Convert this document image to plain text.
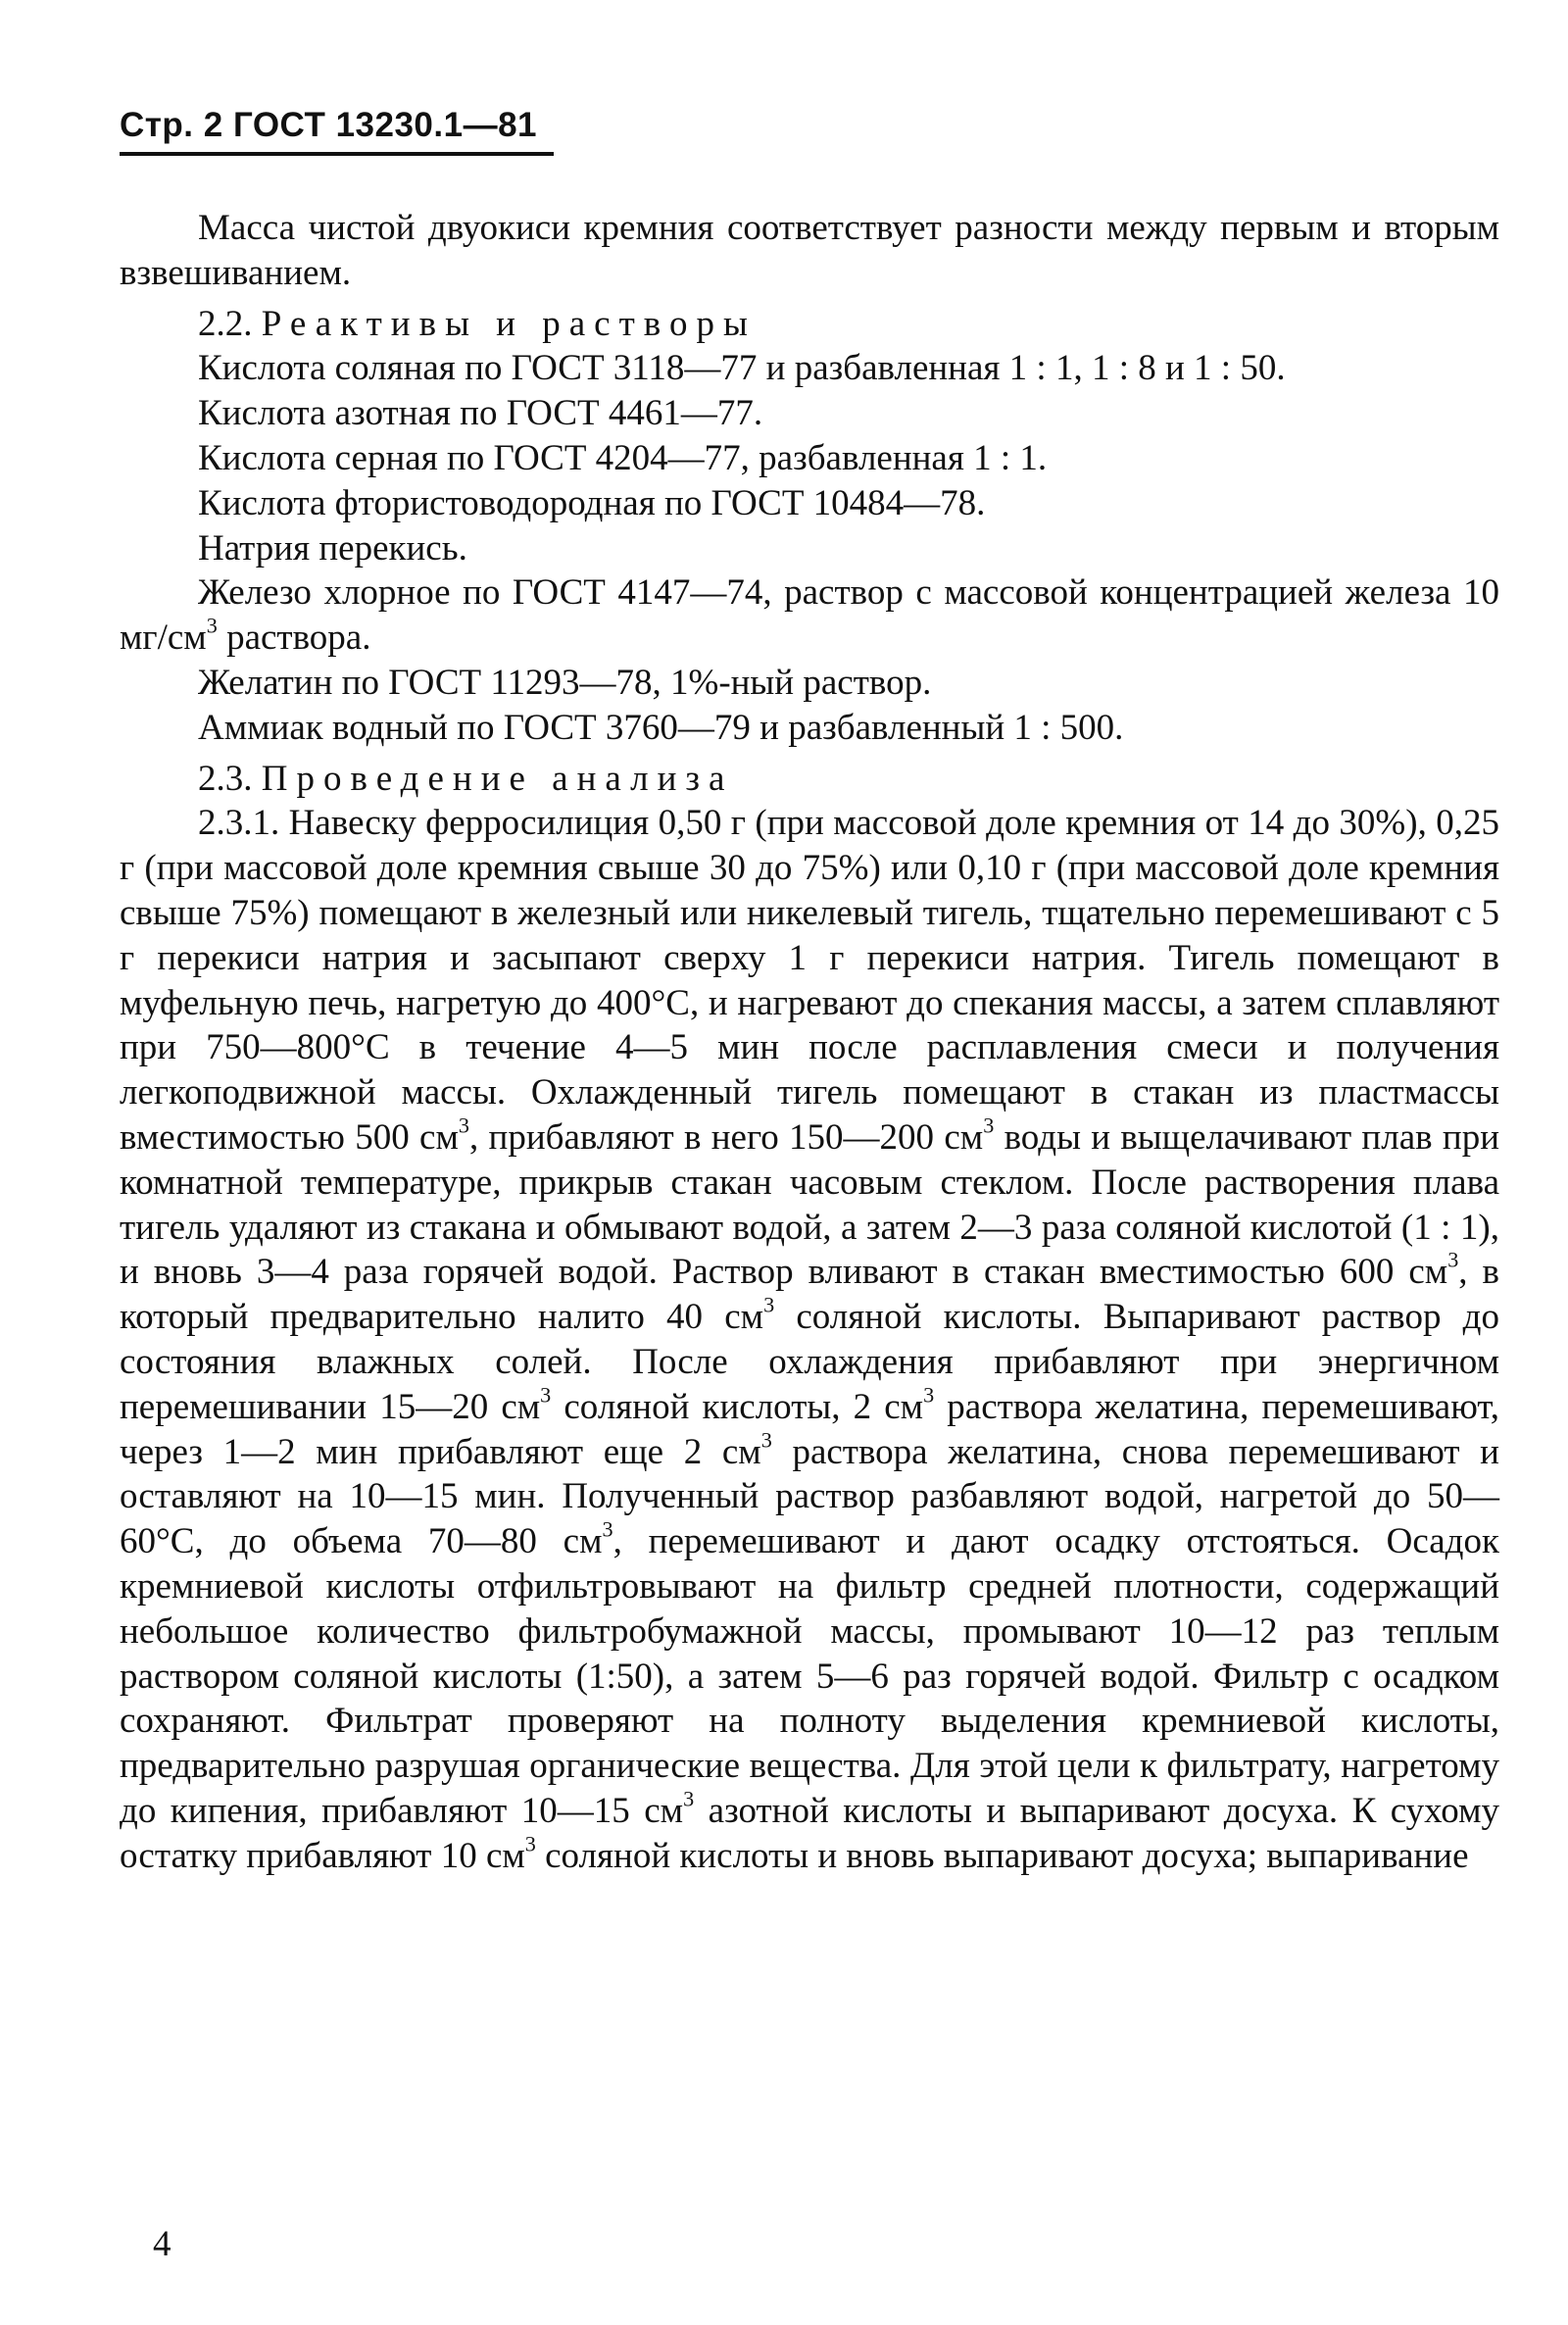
Стр. 2 ГОСТ 13230.1—81

Масса чистой двуокиси кремния соответствует разности между первым и вторым взвешиванием.

2.2. Реактивы и растворы

Кислота соляная по ГОСТ 3118—77 и разбавленная 1 : 1, 1 : 8 и 1 : 50.

Кислота азотная по ГОСТ 4461—77.

Кислота серная по ГОСТ 4204—77, разбавленная 1 : 1.

Кислота фтористоводородная по ГОСТ 10484—78.

Натрия перекись.

Железо хлорное по ГОСТ 4147—74, раствор с массовой концентрацией железа 10 $мг/см^3$ раствора.

Желатин по ГОСТ 11293—78, 1%-ный раствор.

Аммиак водный по ГОСТ 3760—79 и разбавленный 1 : 500.

2.3. Проведение анализа

2.3.1. Навеску ферросилиция 0,50 г (при массовой доле кремния от 14 до 30%), 0,25 г (при массовой доле кремния свыше 30 до 75%) или 0,10 г (при массовой доле кремния свыше 75%) помещают в железный или никелевый тигель, тщательно перемешивают с 5 г перекиси натрия и засыпают сверху 1 г перекиси натрия. Тигель помещают в муфельную печь, нагретую до 400°С, и нагревают до спекания массы, а затем сплавляют при 750—800°С в течение 4—5 мин после расплавления смеси и получения легкоподвижной массы. Охлажденный тигель помещают в стакан из пластмассы вместимостью 500 $см^3$, прибавляют в него 150—200 $см^3$ воды и выщелачивают плав при комнатной температуре, прикрыв стакан часовым стеклом. После растворения плава тигель удаляют из стакана и обмывают водой, а затем 2—3 раза соляной кислотой (1 : 1), и вновь 3—4 раза горячей водой. Раствор вливают в стакан вместимостью 600 $см^3$, в который предварительно налито 40 $см^3$ соляной кислоты. Выпаривают раствор до состояния влажных солей. После охлаждения прибавляют при энергичном перемешивании 15—20 $см^3$ соляной кислоты, 2 $см^3$ раствора желатина, перемешивают, через 1—2 мин прибавляют еще 2 $см^3$ раствора желатина, снова перемешивают и оставляют на 10—15 мин. Полученный раствор разбавляют водой, нагретой до 50—60°С, до объема 70—80 $см^3$, перемешивают и дают осадку отстояться. Осадок кремниевой кислоты отфильтровывают на фильтр средней плотности, содержащий небольшое количество фильтробумажной массы, промывают 10—12 раз теплым раствором соляной кислоты (1:50), а затем 5—6 раз горячей водой. Фильтр с осадком сохраняют. Фильтрат проверяют на полноту выделения кремниевой кислоты, предварительно разрушая органические вещества. Для этой цели к фильтрату, нагретому до кипения, прибавляют 10—15 $см^3$ азотной кислоты и выпаривают досуха. К сухому остатку прибавляют 10 $см^3$ соляной кислоты и вновь выпаривают досуха; выпаривание

4
